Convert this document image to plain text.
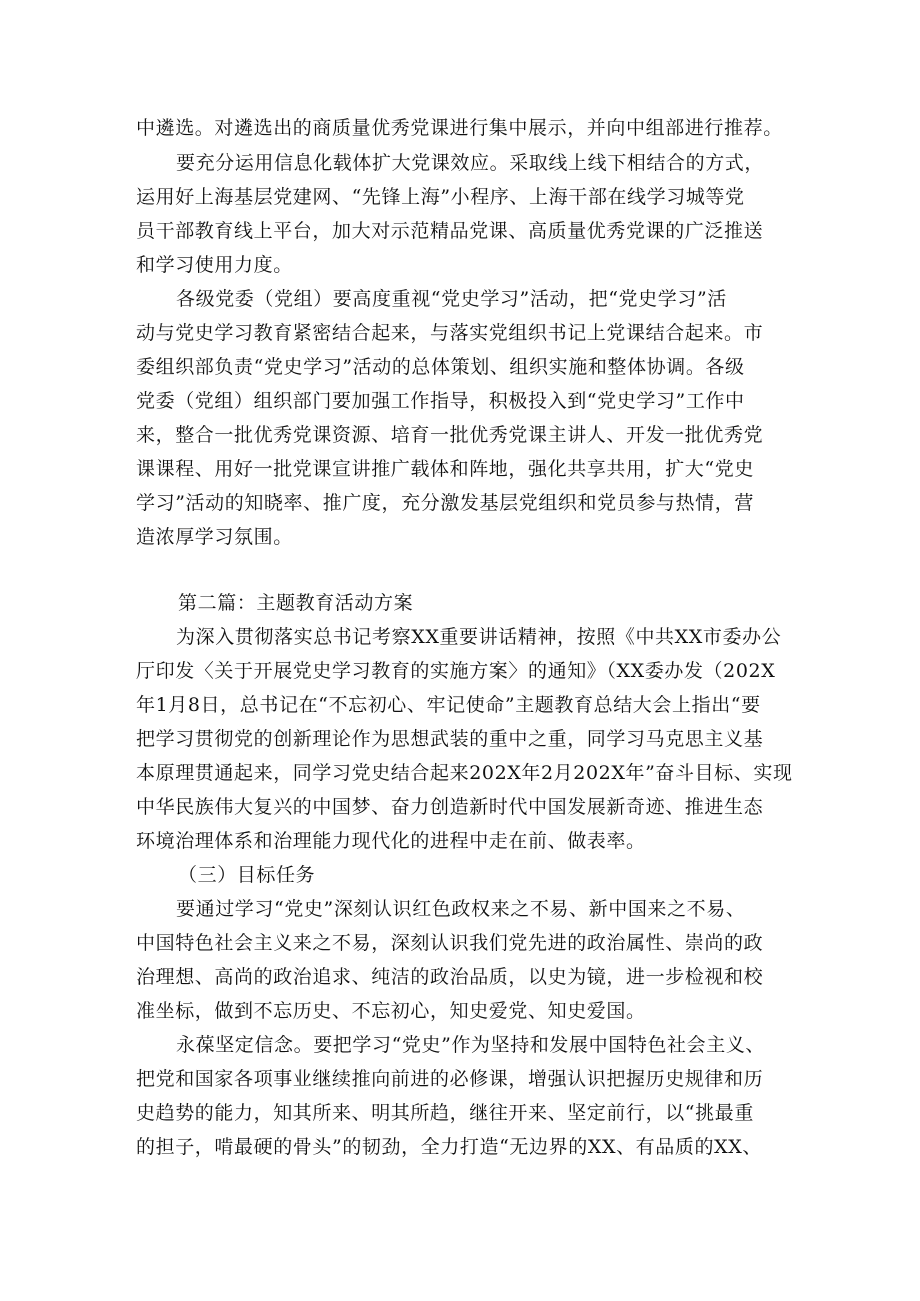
中遴选。对遴选出的商质量优秀党课进行集中展示，并向中组部进行推荐。
要充分运用信息化载体扩大党课效应。采取线上线下相结合的方式，
运用好上海基层党建网、“先锋上海”小程序、上海干部在线学习城等党
员干部教育线上平台，加大对示范精品党课、高质量优秀党课的广泛推送
和学习使用力度。
各级党委（党组）要高度重视“党史学习”活动，把“党史学习”活
动与党史学习教育紧密结合起来，与落实党组织书记上党课结合起来。市
委组织部负责“党史学习”活动的总体策划、组织实施和整体协调。各级
党委（党组）组织部门要加强工作指导，积极投入到“党史学习”工作中
来，整合一批优秀党课资源、培育一批优秀党课主讲人、开发一批优秀党
课课程、用好一批党课宣讲推广载体和阵地，强化共享共用，扩大“党史
学习”活动的知晓率、推广度，充分激发基层党组织和党员参与热情，营
造浓厚学习氛围。
第二篇：主题教育活动方案
为深入贯彻落实总书记考察XX重要讲话精神，按照《中共XX市委办公
厅印发〈关于开展党史学习教育的实施方案〉的通知》（XX委办发（202X
年1月8日，总书记在“不忘初心、牢记使命”主题教育总结大会上指出“要
把学习贯彻党的创新理论作为思想武装的重中之重，同学习马克思主义基
本原理贯通起来，同学习党史结合起来202X年2月202X年”奋斗目标、实现
中华民族伟大复兴的中国梦、奋力创造新时代中国发展新奇迹、推进生态
环境治理体系和治理能力现代化的进程中走在前、做表率。
（三）目标任务
要通过学习“党史”深刻认识红色政权来之不易、新中国来之不易、
中国特色社会主义来之不易，深刻认识我们党先进的政治属性、崇尚的政
治理想、高尚的政治追求、纯洁的政治品质，以史为镜，进一步检视和校
准坐标，做到不忘历史、不忘初心，知史爱党、知史爱国。
永葆坚定信念。要把学习“党史”作为坚持和发展中国特色社会主义、
把党和国家各项事业继续推向前进的必修课，增强认识把握历史规律和历
史趋势的能力，知其所来、明其所趋，继往开来、坚定前行，以“挑最重
的担子，啃最硬的骨头”的韧劲，全力打造“无边界的XX、有品质的XX、
